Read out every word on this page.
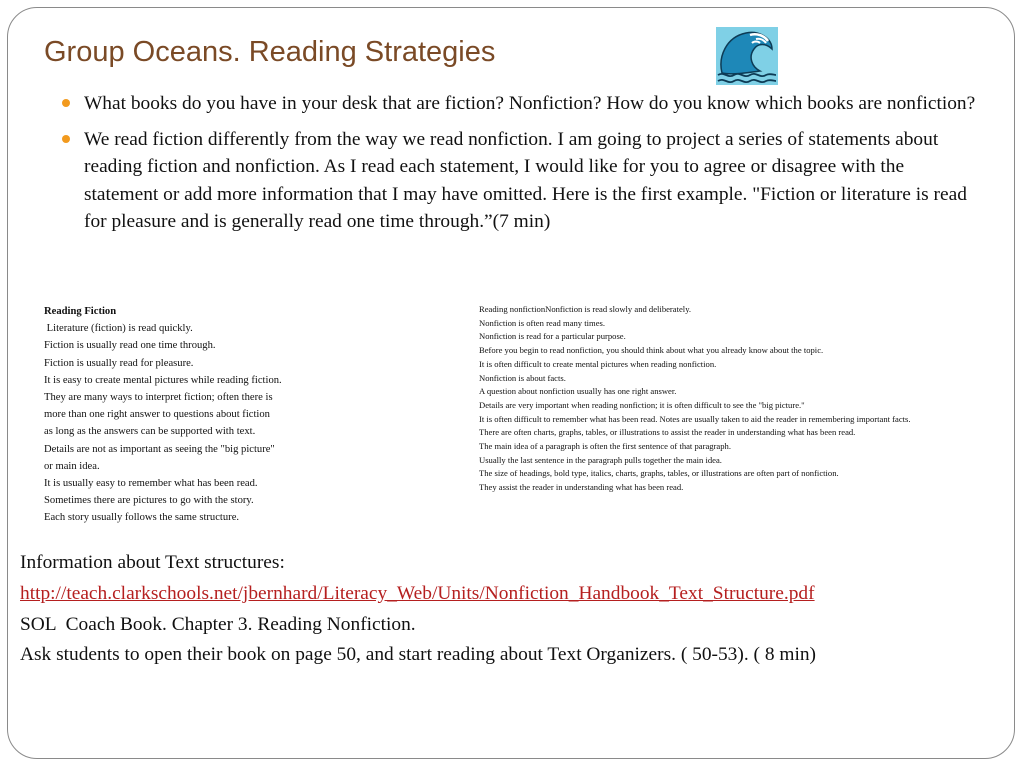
Group Oceans. Reading Strategies
What books do you have in your desk that are fiction? Nonfiction? How do you know which books are nonfiction?
We read fiction differently from the way we read nonfiction. I am going to project a series of statements about reading fiction and nonfiction. As I read each statement, I would like for you to agree or disagree with the statement or add more information that I may have omitted. Here is the first example. "Fiction or literature is read for pleasure and is generally read one time through.”(7 min)
Reading Fiction
Literature (fiction) is read quickly.
Fiction is usually read one time through.
Fiction is usually read for pleasure.
It is easy to create mental pictures while reading fiction.
They are many ways to interpret fiction; often there is
more than one right answer to questions about fiction
as long as the answers can be supported with text.
Details are not as important as seeing the "big picture"
or main idea.
It is usually easy to remember what has been read.
Sometimes there are pictures to go with the story.
Each story usually follows the same structure.
Reading nonfictionNonfiction is read slowly and deliberately.
Nonfiction is often read many times.
Nonfiction is read for a particular purpose.
Before you begin to read nonfiction, you should think about what you already know about the topic.
It is often difficult to create mental pictures when reading nonfiction.
Nonfiction is about facts.
A question about nonfiction usually has one right answer.
Details are very important when reading nonfiction; it is often difficult to see the "big picture."
It is often difficult to remember what has been read. Notes are usually taken to aid the reader in remembering important facts.
There are often charts, graphs, tables, or illustrations to assist the reader in understanding what has been read.
The main idea of a paragraph is often the first sentence of that paragraph.
Usually the last sentence in the paragraph pulls together the main idea.
The size of headings, bold type, italics, charts, graphs, tables, or illustrations are often part of nonfiction.
They assist the reader in understanding what has been read.
Information about Text structures:
http://teach.clarkschools.net/jbernhard/Literacy_Web/Units/Nonfiction_Handbook_Text_Structure.pdf
SOL  Coach Book. Chapter 3. Reading Nonfiction.
Ask students to open their book on page 50, and start reading about Text Organizers. ( 50-53). ( 8 min)
